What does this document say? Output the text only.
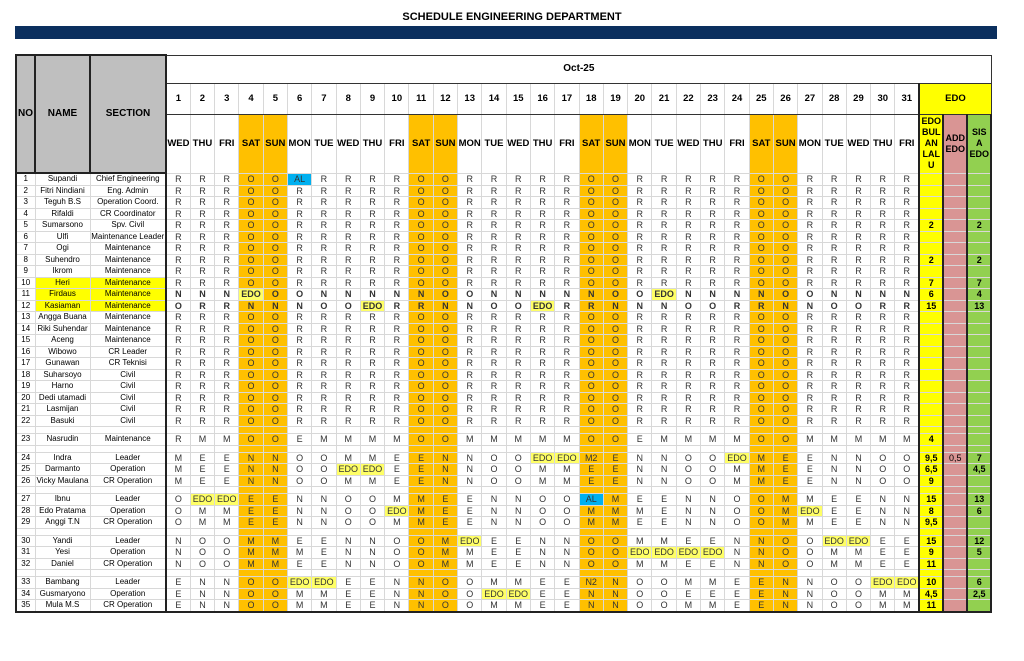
SCHEDULE ENGINEERING DEPARTMENT
NO	NAME	SECTION	Oct-25																																	
			1	2	3	4	5	6	7	8	9	10	11	12	13	14	15	16	17	18	19	20	21	22	23	24	25	26	27	28	29	30	31	EDO		
			WED	THU	FRI	SAT	SUN	MON	TUE	WED	THU	FRI	SAT	SUN	MON	TUE	WED	THU	FRI	SAT	SUN	MON	TUE	WED	THU	FRI	SAT	SUN	MON	TUE	WED	THU	FRI	EDO BUL AN LAL U	ADD EDO	SIS A EDO
1	Supandi	Chief Engineering	R	R	R	O	O	AL	R	R	R	R	O	O	R	R	R	R	R	O	O	R	R	R	R	R	O	O	R	R	R	R	R			
2	Fitri Nindiani	Eng. Admin	R	R	R	O	O	R	R	R	R	R	O	O	R	R	R	R	R	O	O	R	R	R	R	R	O	O	R	R	R	R	R			
3	Teguh B.S	Operation Coord.	R	R	R	O	O	R	R	R	R	R	O	O	R	R	R	R	R	O	O	R	R	R	R	R	O	O	R	R	R	R	R			
4	Rifaldi	CR Coordinator	R	R	R	O	O	R	R	R	R	R	O	O	R	R	R	R	R	O	O	R	R	R	R	R	O	O	R	R	R	R	R			
5	Sumarsono	Spv. Civil	R	R	R	O	O	R	R	R	R	R	O	O	R	R	R	R	R	O	O	R	R	R	R	R	O	O	R	R	R	R	R	2		2
6	Ulfi	Maintenance Leader	R	R	R	O	O	R	R	R	R	R	O	O	R	R	R	R	R	O	O	R	R	R	R	R	O	O	R	R	R	R	R			
7	Ogi	Maintenance	R	R	R	O	O	R	R	R	R	R	O	O	R	R	R	R	R	O	O	R	R	R	R	R	O	O	R	R	R	R	R			
8	Suhendro	Maintenance	R	R	R	O	O	R	R	R	R	R	O	O	R	R	R	R	R	O	O	R	R	R	R	R	O	O	R	R	R	R	R	2		2
9	Ikrom	Maintenance	R	R	R	O	O	R	R	R	R	R	O	O	R	R	R	R	R	O	O	R	R	R	R	R	O	O	R	R	R	R	R			
10	Heri	Maintenance	R	R	R	O	O	R	R	R	R	R	O	O	R	R	R	R	R	O	O	R	R	R	R	R	O	O	R	R	R	R	R	7		7
11	Firdaus	Maintenance	N	N	N	EDO	O	O	N	N	N	N	N	O	O	N	N	N	N	N	O	O	EDO	N	N	N	N	O	O	N	N	N	N	6		4
12	Kasiaman	Maintenance	O	R	R	N	N	N	O	O	EDO	R	R	N	N	O	O	EDO	R	R	N	N	N	O	O	R	R	N	N	O	O	R	R	15		13
13	Angga Buana	Maintenance	R	R	R	O	O	R	R	R	R	R	O	O	R	R	R	R	R	O	O	R	R	R	R	R	O	O	R	R	R	R	R			
14	Riki Suhendar	Maintenance	R	R	R	O	O	R	R	R	R	R	O	O	R	R	R	R	R	O	O	R	R	R	R	R	O	O	R	R	R	R	R			
15	Aceng	Maintenance	R	R	R	O	O	R	R	R	R	R	O	O	R	R	R	R	R	O	O	R	R	R	R	R	O	O	R	R	R	R	R			
16	Wibowo	CR Leader	R	R	R	O	O	R	R	R	R	R	O	O	R	R	R	R	R	O	O	R	R	R	R	R	O	O	R	R	R	R	R			
17	Gunawan	CR Teknisi	R	R	R	O	O	R	R	R	R	R	O	O	R	R	R	R	R	O	O	R	R	R	R	R	O	O	R	R	R	R	R			
18	Suharsoyo	Civil	R	R	R	O	O	R	R	R	R	R	O	O	R	R	R	R	R	O	O	R	R	R	R	R	O	O	R	R	R	R	R			
19	Harno	Civil	R	R	R	O	O	R	R	R	R	R	O	O	R	R	R	R	R	O	O	R	R	R	R	R	O	O	R	R	R	R	R			
20	Dedi utamadi	Civil	R	R	R	O	O	R	R	R	R	R	O	O	R	R	R	R	R	O	O	R	R	R	R	R	O	O	R	R	R	R	R			
21	Lasmijan	Civil	R	R	R	O	O	R	R	R	R	R	O	O	R	R	R	R	R	O	O	R	R	R	R	R	O	O	R	R	R	R	R			
22	Basuki	Civil	R	R	R	O	O	R	R	R	R	R	O	O	R	R	R	R	R	O	O	R	R	R	R	R	O	O	R	R	R	R	R			

23	Nasrudin	Maintenance	R	M	M	O	O	E	M	M	M	M	O	O	M	M	M	M	M	O	O	E	M	M	M	M	O	O	M	M	M	M	M	4		

24	Indra	Leader	M	E	E	N	N	O	O	M	M	E	E	N	N	O	O	EDO	EDO	M2	E	N	N	O	O	EDO	M	E	E	N	N	O	O	9,5	0,5	7
25	Darmanto	Operation	M	E	E	N	N	O	O	EDO	EDO	E	E	N	N	O	O	M	M	E	E	N	N	O	O	M	M	E	E	N	N	O	O	6,5		4,5
26	Vicky Maulana	CR Operation	M	E	E	N	N	O	O	M	M	E	E	N	N	O	O	M	M	E	E	N	N	O	O	M	M	E	E	N	N	O	O	9		

27	Ibnu	Leader	O	EDO	EDO	E	E	N	N	O	O	M	M	E	E	N	N	O	O	AL	M	E	E	N	N	O	O	M	M	E	E	N	N	15		13
28	Edo Pratama	Operation	O	M	M	E	E	N	N	O	O	EDO	M	E	E	N	N	O	O	M	M	M	E	N	N	O	O	M	EDO	E	E	N	N	8		6
29	Anggi T.N	CR Operation	O	M	M	E	E	N	N	O	O	M	M	E	E	N	N	O	O	M	M	E	E	N	N	O	O	M	M	E	E	N	N	9,5		

30	Yandi	Leader	N	O	O	M	M	E	E	N	N	O	O	M	EDO	E	E	N	N	O	O	M	M	E	E	N	N	O	O	EDO	EDO	E	E	15		12
31	Yesi	Operation	N	O	O	M	M	M	E	N	N	O	O	M	M	E	E	N	N	O	O	EDO	EDO	EDO	EDO	N	N	O	O	M	M	E	E	9		5
32	Daniel	CR Operation	N	O	O	M	M	E	E	N	N	O	O	M	M	E	E	N	N	O	O	M	M	E	E	N	N	O	O	M	M	E	E	11		

33	Bambang	Leader	E	N	N	O	O	EDO	EDO	E	E	N	N	O	O	M	M	E	E	N2	N	O	O	M	M	E	E	N	N	O	O	EDO	EDO	10		6
34	Gusmaryono	Operation	E	N	N	O	O	M	M	E	E	N	N	O	O	EDO	EDO	E	E	N	N	O	O	E	E	E	E	N	N	O	O	M	M	4,5		2,5
35	Mula M.S	CR Operation	E	N	N	O	O	M	M	E	E	N	N	O	O	M	M	E	E	N	N	O	O	M	M	E	E	N	N	O	O	M	M	11		
